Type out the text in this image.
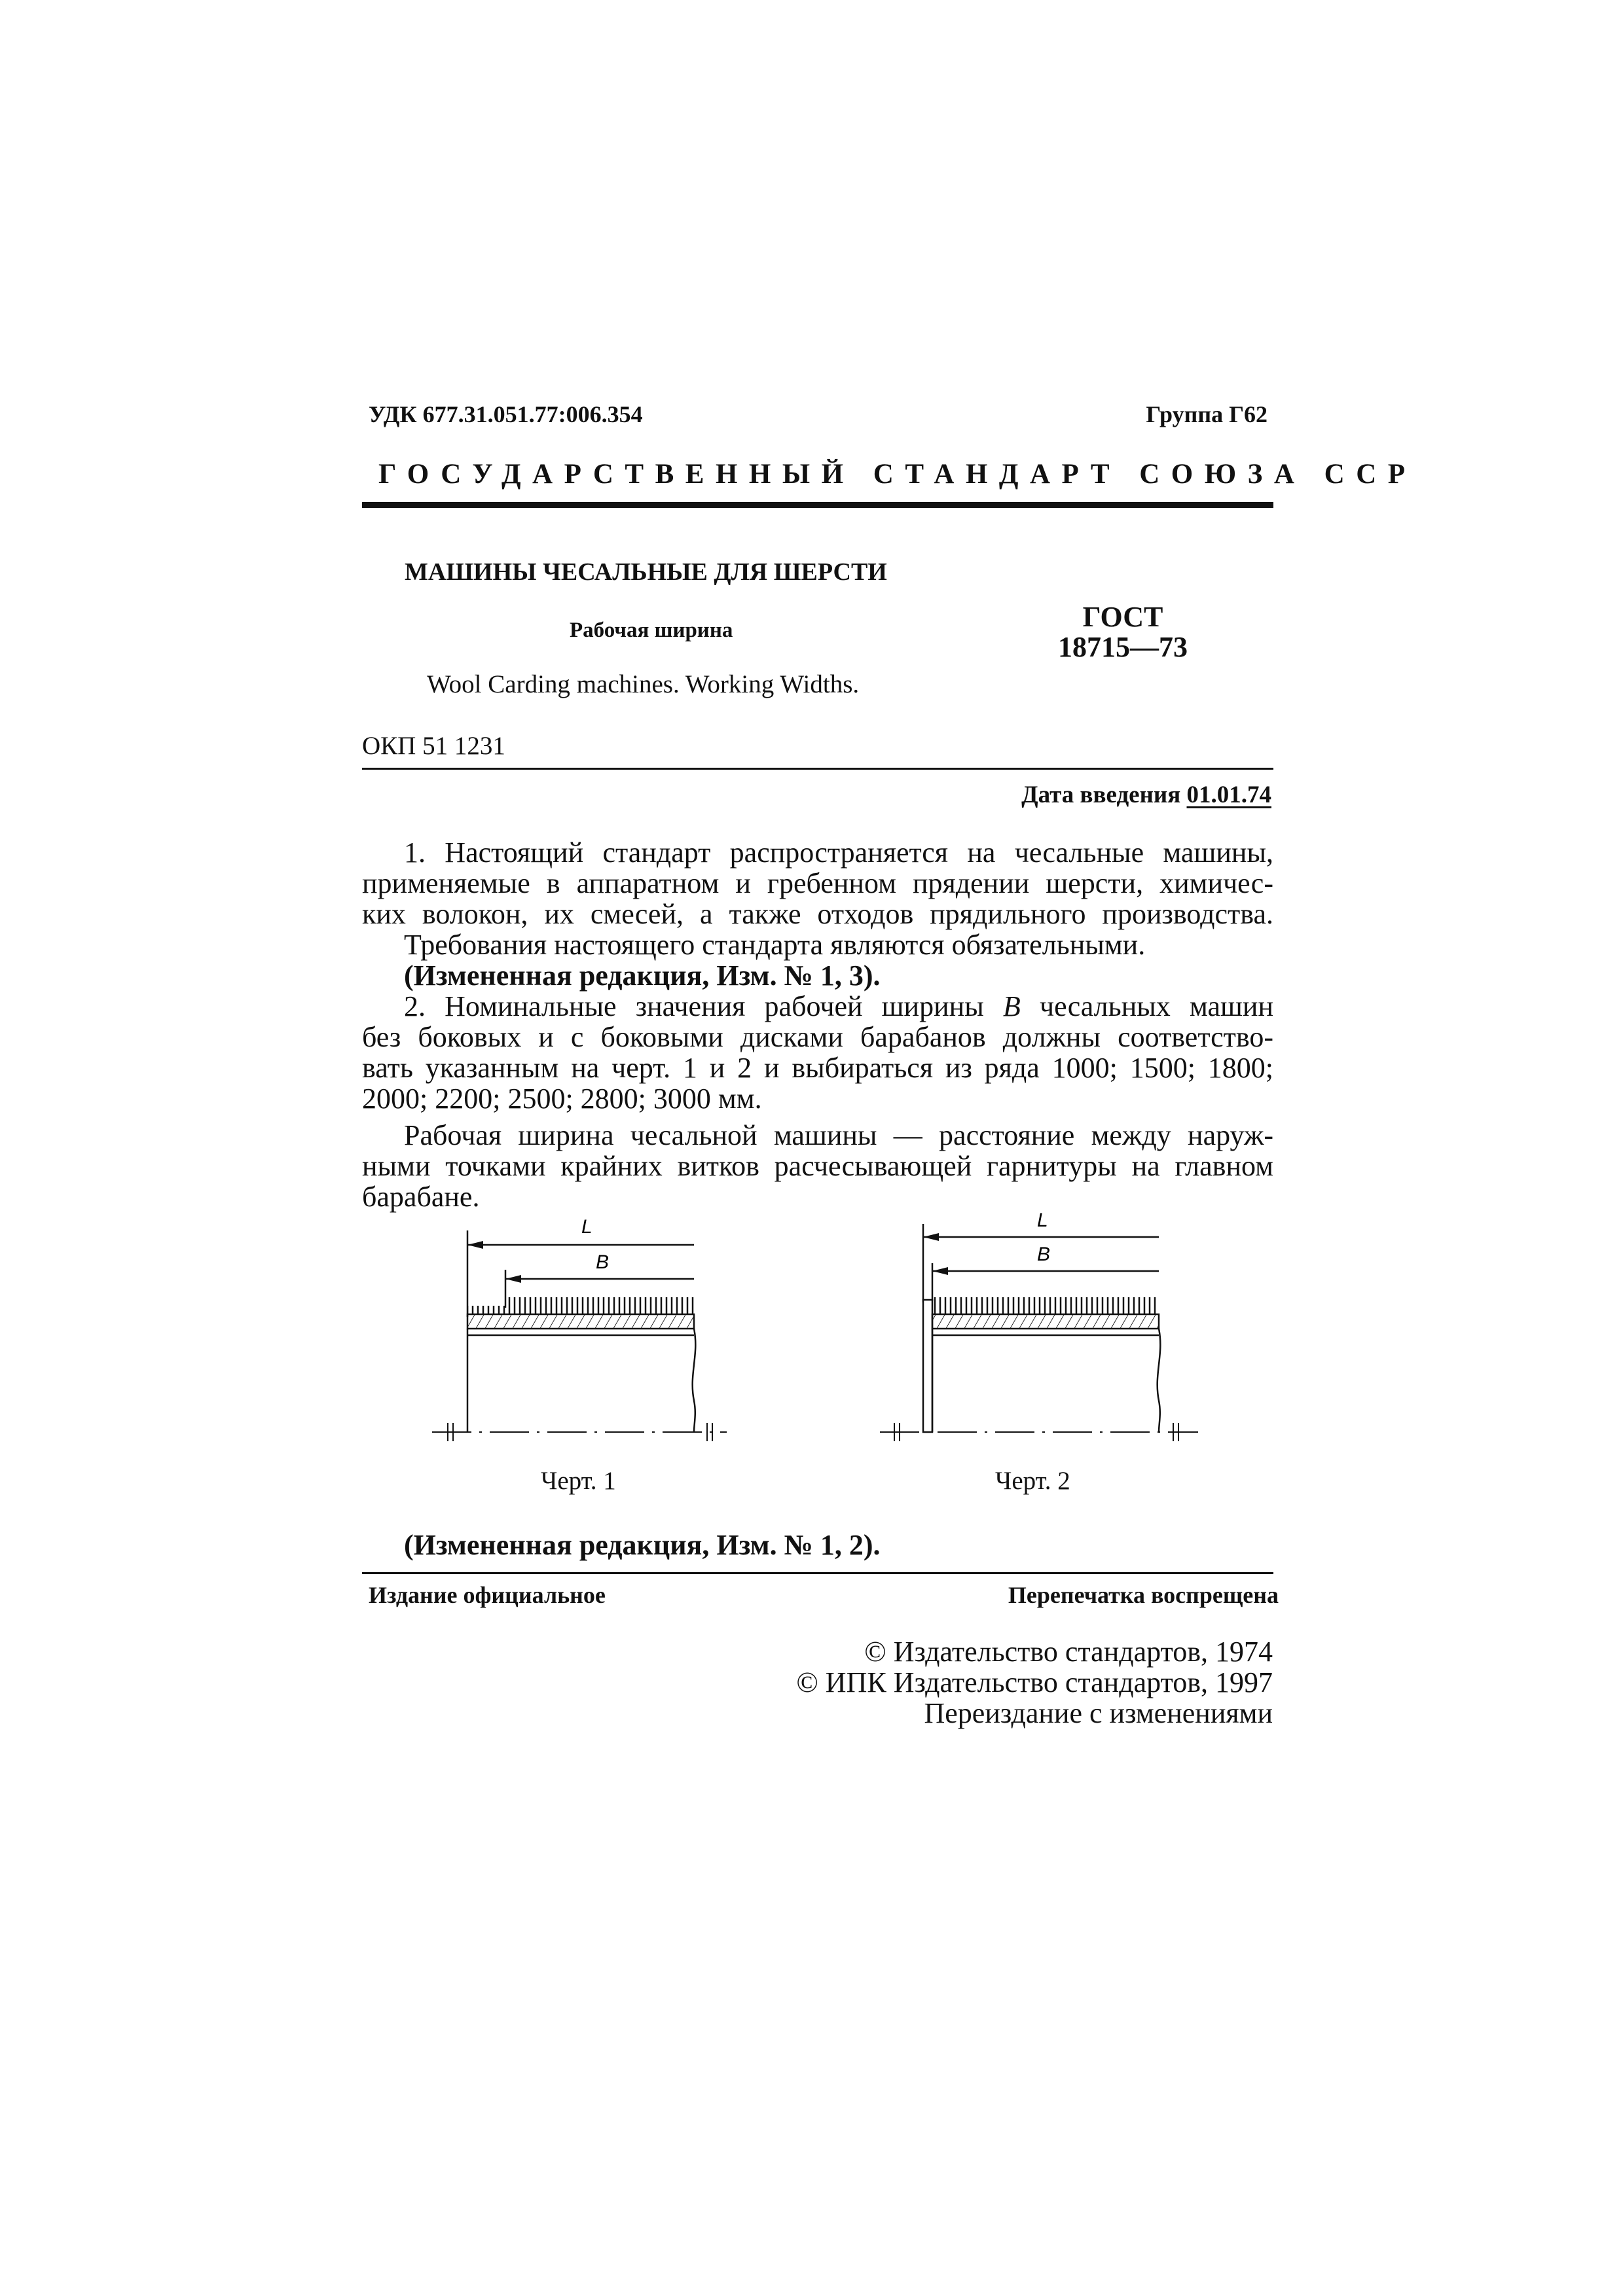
УДК 677.31.051.77:006.354	Группа Г62
ГОСУДАРСТВЕННЫЙ СТАНДАРТ СОЮЗА ССР
МАШИНЫ ЧЕСАЛЬНЫЕ ДЛЯ ШЕРСТИ
Рабочая ширина
Wool Carding machines. Working Widths.
ГОСТ
18715—73
ОКП 51 1231
Дата введения 01.01.74
1. Настоящий стандарт распространяется на чесальные машины,
применяемые в аппаратном и гребенном прядении шерсти, химичес-
ких волокон, их смесей, а также отходов прядильного производства.
Требования настоящего стандарта являются обязательными.
(Измененная редакция, Изм. № 1, 3).
2. Номинальные значения рабочей ширины B чесальных машин
без боковых и с боковыми дисками барабанов должны соответство-
вать указанным на черт. 1 и 2 и выбираться из ряда 1000; 1500; 1800;
2000; 2200; 2500; 2800; 3000 мм.
Рабочая ширина чесальной машины — расстояние между наруж-
ными точками крайних витков расчесывающей гарнитуры на главном
барабане.
L
B
Черт. 1
L
B
Черт. 2
(Измененная редакция, Изм. № 1, 2).
Издание официальное	Перепечатка воспрещена
© Издательство стандартов, 1974
© ИПК Издательство стандартов, 1997
Переиздание с изменениями
